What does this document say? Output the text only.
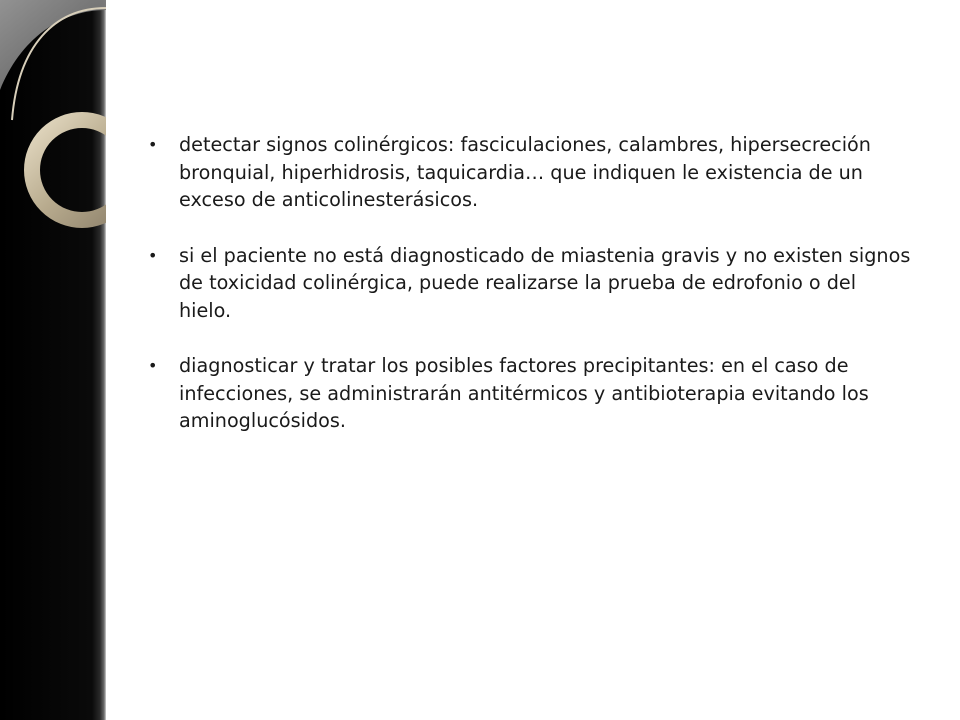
• detectar signos colinérgicos: fasciculaciones, calambres, hipersecreción
bronquial, hiperhidrosis, taquicardia… que indiquen le existencia de un
exceso de anticolinesterásicos.
• si el paciente no está diagnosticado de miastenia gravis y no existen signos
de toxicidad colinérgica, puede realizarse la prueba de edrofonio o del
hielo.
• diagnosticar y tratar los posibles factores precipitantes: en el caso de
infecciones, se administrarán antitérmicos y antibioterapia evitando los
aminoglucósidos.
